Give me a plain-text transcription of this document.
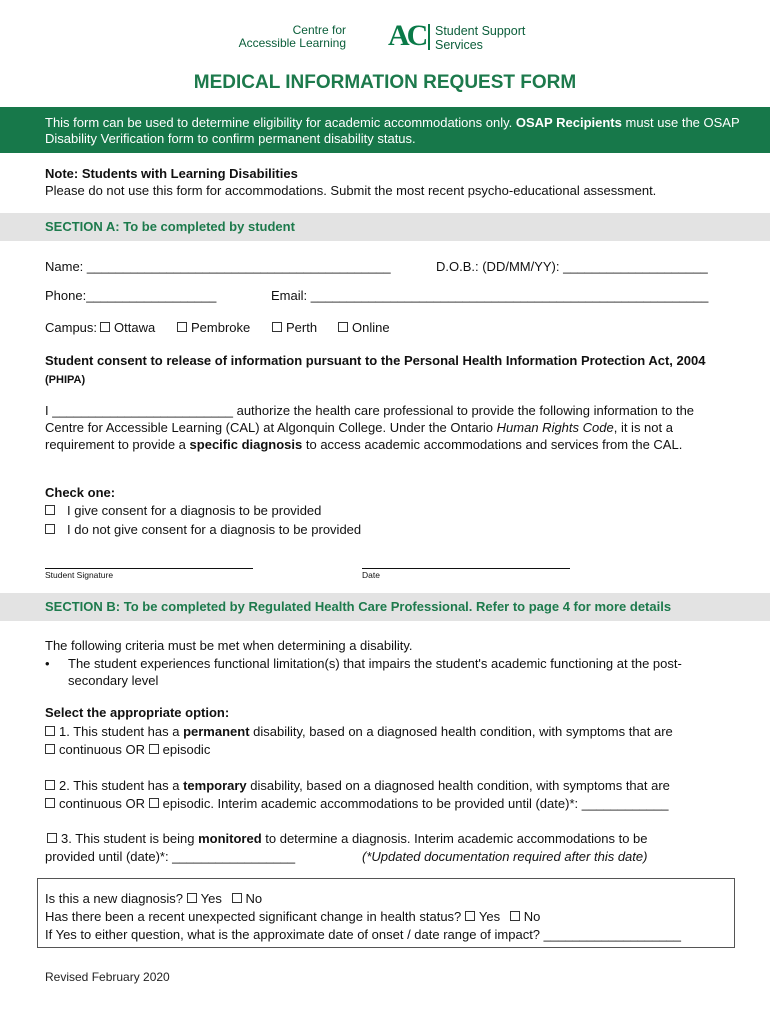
Centre for
Accessible Learning AC Student Support
Services
MEDICAL INFORMATION REQUEST FORM
This form can be used to determine eligibility for academic accommodations only. OSAP Recipients must use the OSAP Disability Verification form to confirm permanent disability status.
Note: Students with Learning Disabilities
Please do not use this form for accommodations. Submit the most recent psycho-educational assessment.
SECTION A: To be completed by student
Name: __________________________________________	D.O.B.: (DD/MM/YY): ____________________
Phone:__________________	Email: _______________________________________________________
Campus:	Ottawa	Pembroke	Perth	Online
Student consent to release of information pursuant to the Personal Health Information Protection Act, 2004 (PHIPA)
I _________________________ authorize the health care professional to provide the following information to the Centre for Accessible Learning (CAL) at Algonquin College. Under the Ontario Human Rights Code, it is not a requirement to provide a specific diagnosis to access academic accommodations and services from the CAL.
Check one:
I give consent for a diagnosis to be provided
I do not give consent for a diagnosis to be provided
Student Signature	Date
SECTION B: To be completed by Regulated Health Care Professional. Refer to page 4 for more details
The following criteria must be met when determining a disability.
• The student experiences functional limitation(s) that impairs the student's academic functioning at the post-secondary level
Select the appropriate option:
1. This student has a permanent disability, based on a diagnosed health condition, with symptoms that are
continuous OR episodic
2. This student has a temporary disability, based on a diagnosed health condition, with symptoms that are
continuous OR episodic. Interim academic accommodations to be provided until (date)*: ____________
3. This student is being monitored to determine a diagnosis. Interim academic accommodations to be
provided until (date)*: _________________	(*Updated documentation required after this date)
Is this a new diagnosis? Yes No
Has there been a recent unexpected significant change in health status? Yes No
If Yes to either question, what is the approximate date of onset / date range of impact? ___________________
Revised February 2020
